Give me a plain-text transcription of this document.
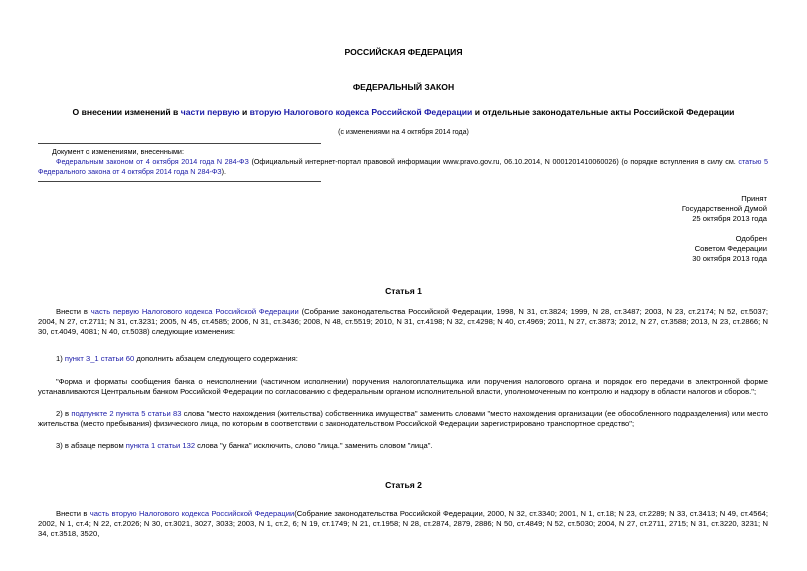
РОССИЙСКАЯ ФЕДЕРАЦИЯ
ФЕДЕРАЛЬНЫЙ ЗАКОН
О внесении изменений в части первую и вторую Налогового кодекса Российской Федерации и отдельные законодательные акты Российской Федерации
(с изменениями на 4 октября 2014 года)
Документ с изменениями, внесенными:
Федеральным законом от 4 октября 2014 года N 284-ФЗ (Официальный интернет-портал правовой информации www.pravo.gov.ru, 06.10.2014, N 0001201410060026) (о порядке вступления в силу см. статью 5 Федерального закона от 4 октября 2014 года N 284-ФЗ).
Принят
Государственной Думой
25 октября 2013 года
Одобрен
Советом Федерации
30 октября 2013 года
Статья 1
Внести в часть первую Налогового кодекса Российской Федерации (Собрание законодательства Российской Федерации, 1998, N 31, ст.3824; 1999, N 28, ст.3487; 2003, N 23, ст.2174; N 52, ст.5037; 2004, N 27, ст.2711; N 31, ст.3231; 2005, N 45, ст.4585; 2006, N 31, ст.3436; 2008, N 48, ст.5519; 2010, N 31, ст.4198; N 32, ст.4298; N 40, ст.4969; 2011, N 27, ст.3873; 2012, N 27, ст.3588; 2013, N 23, ст.2866; N 30, ст.4049, 4081; N 40, ст.5038) следующие изменения:
1) пункт 3_1 статьи 60 дополнить абзацем следующего содержания:
"Форма и форматы сообщения банка о неисполнении (частичном исполнении) поручения налогоплательщика или поручения налогового органа и порядок его передачи в электронной форме устанавливаются Центральным банком Российской Федерации по согласованию с федеральным органом исполнительной власти, уполномоченным по контролю и надзору в области налогов и сборов.";
2) в подпункте 2 пункта 5 статьи 83 слова "место нахождения (жительства) собственника имущества" заменить словами "место нахождения организации (ее обособленного подразделения) или место жительства (место пребывания) физического лица, по которым в соответствии с законодательством Российской Федерации зарегистрировано транспортное средство";
3) в абзаце первом пункта 1 статьи 132 слова "у банка" исключить, слово "лица." заменить словом "лица".
Статья 2
Внести в часть вторую Налогового кодекса Российской Федерации(Собрание законодательства Российской Федерации, 2000, N 32, ст.3340; 2001, N 1, ст.18; N 23, ст.2289; N 33, ст.3413; N 49, ст.4564; 2002, N 1, ст.4; N 22, ст.2026; N 30, ст.3021, 3027, 3033; 2003, N 1, ст.2, 6; N 19, ст.1749; N 21, ст.1958; N 28, ст.2874, 2879, 2886; N 50, ст.4849; N 52, ст.5030; 2004, N 27, ст.2711, 2715; N 31, ст.3220, 3231; N 34, ст.3518, 3520,
